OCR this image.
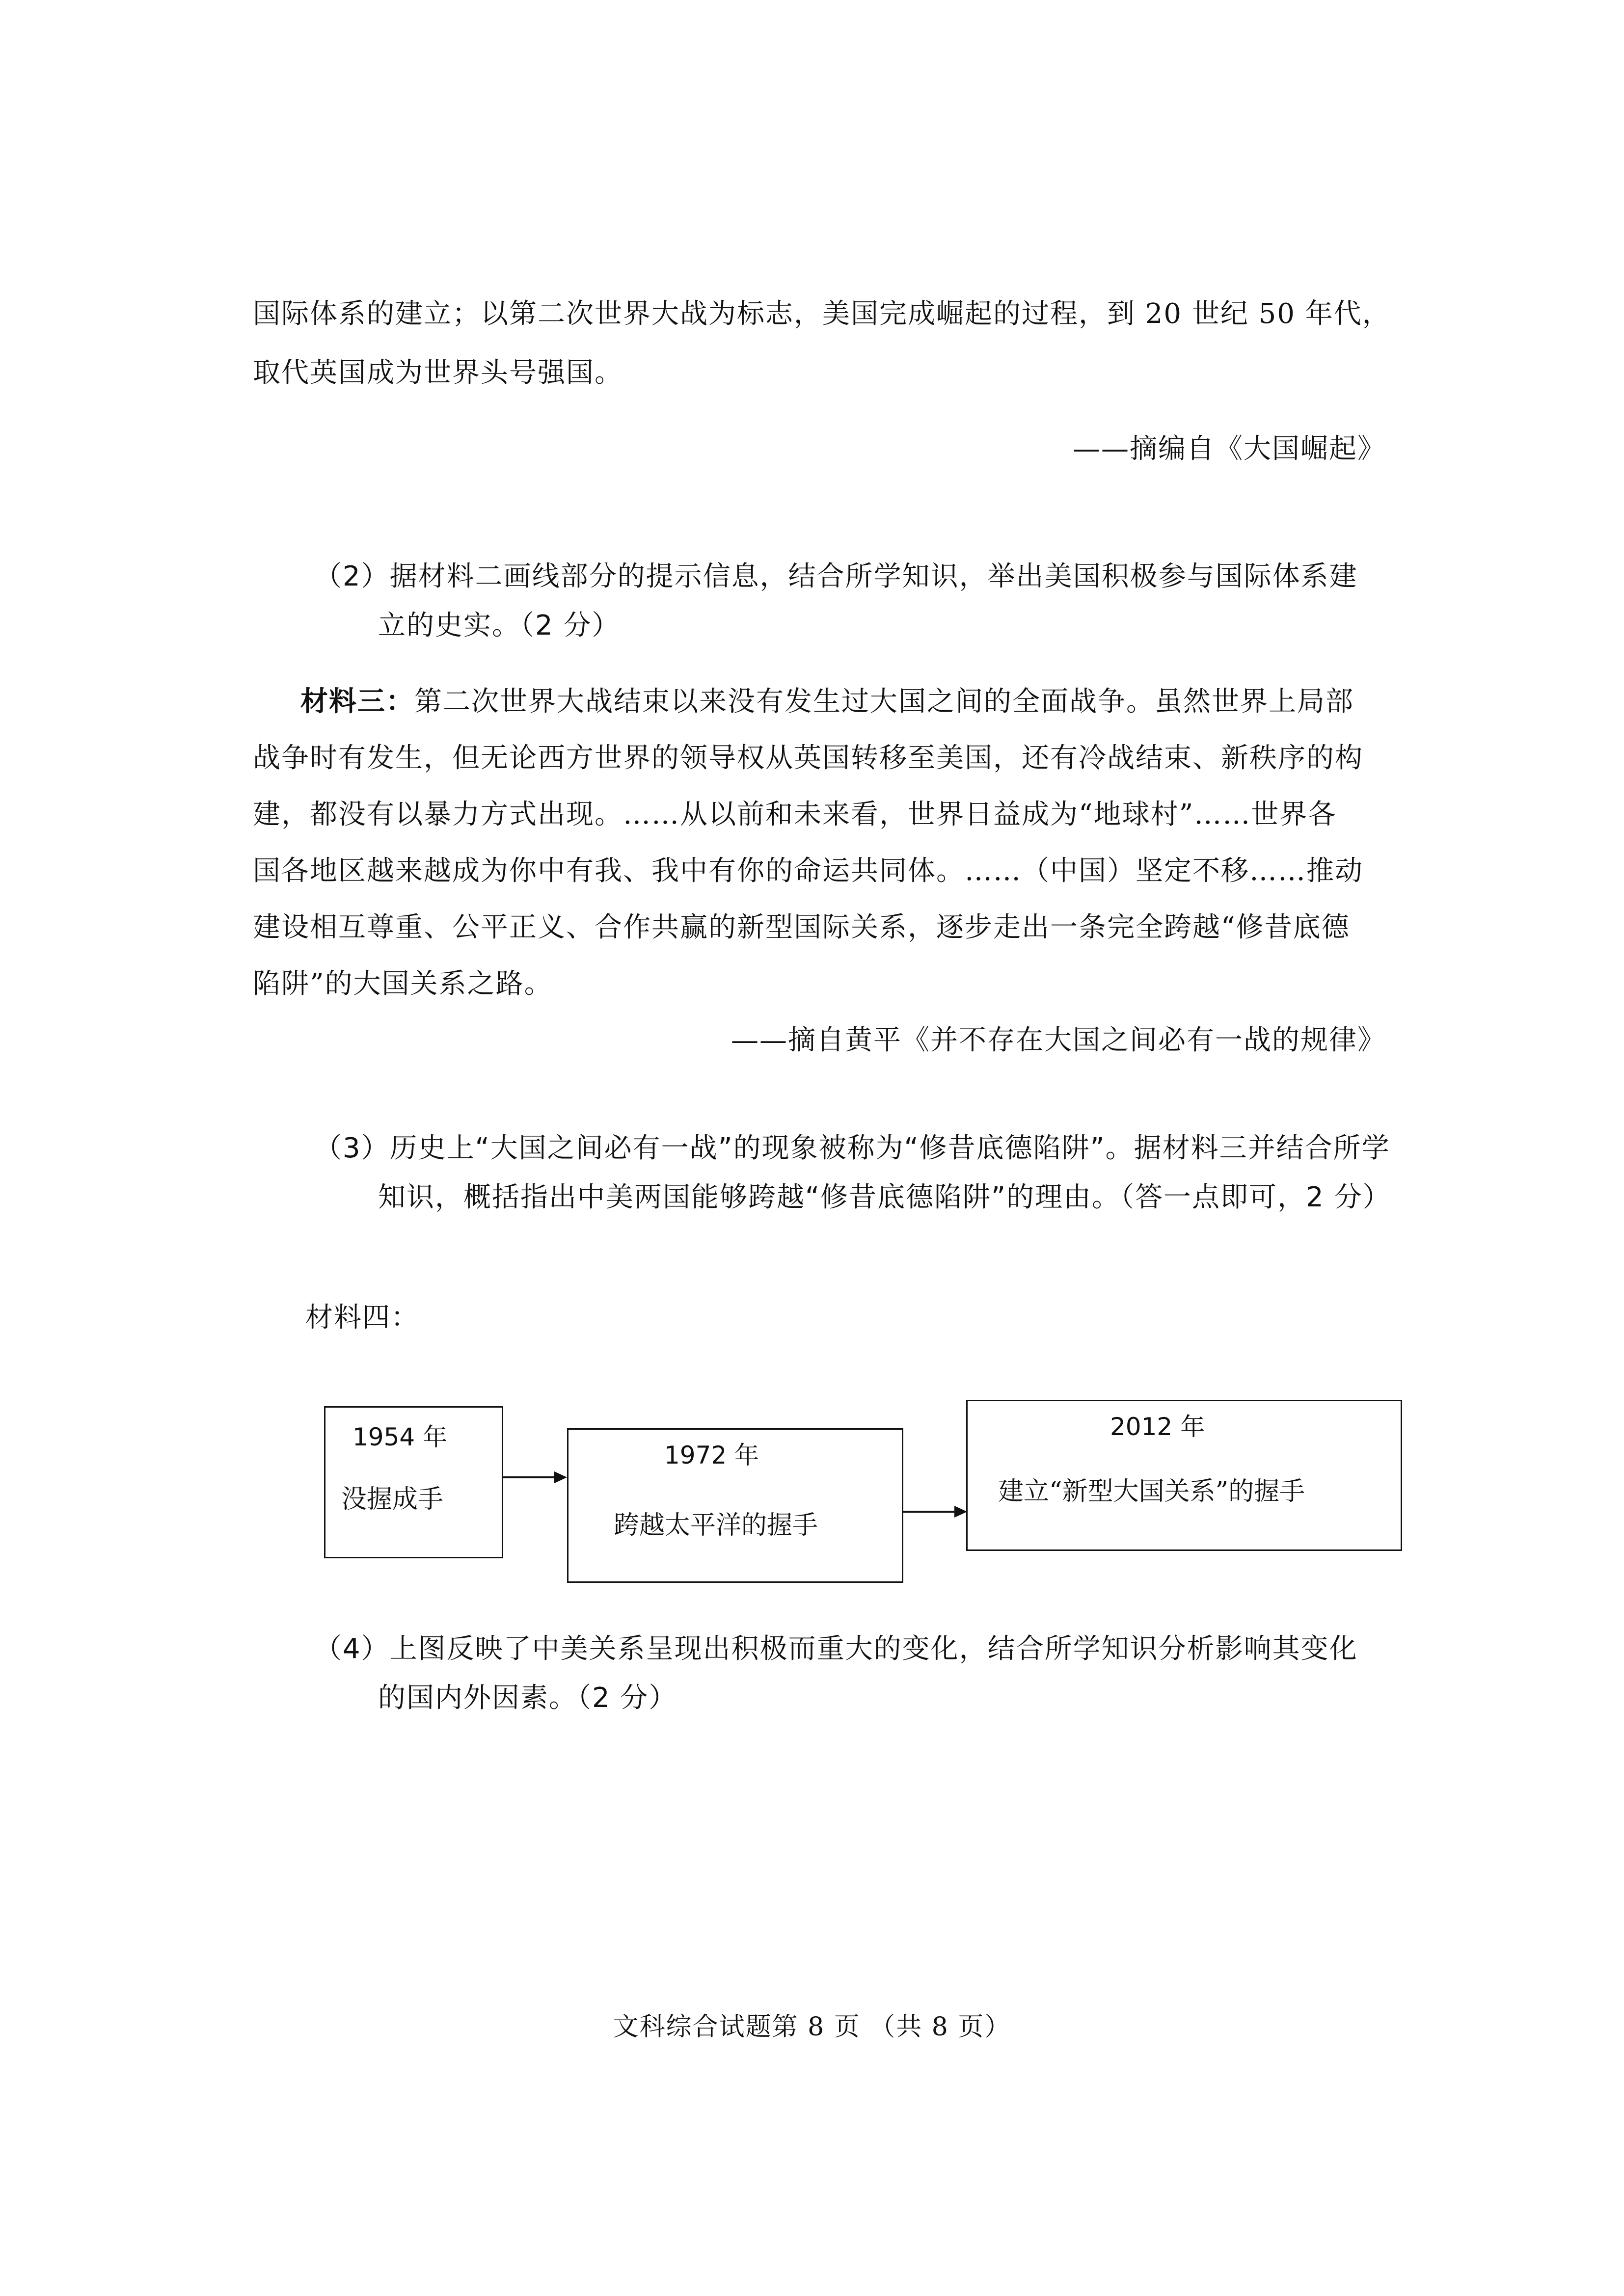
国际体系的建立；以第二次世界大战为标志，美国完成崛起的过程，到 20 世纪 50 年代，
取代英国成为世界头号强国。
——摘编自《大国崛起》
（2）据材料二画线部分的提示信息，结合所学知识，举出美国积极参与国际体系建
立的史实。（2 分）
材料三：第二次世界大战结束以来没有发生过大国之间的全面战争。虽然世界上局部
战争时有发生，但无论西方世界的领导权从英国转移至美国，还有冷战结束、新秩序的构
建，都没有以暴力方式出现。……从以前和未来看，世界日益成为“地球村”……世界各
国各地区越来越成为你中有我、我中有你的命运共同体。……（中国）坚定不移……推动
建设相互尊重、公平正义、合作共赢的新型国际关系，逐步走出一条完全跨越“修昔底德
陷阱”的大国关系之路。
——摘自黄平《并不存在大国之间必有一战的规律》
（3）历史上“大国之间必有一战”的现象被称为“修昔底德陷阱”。据材料三并结合所学
知识，概括指出中美两国能够跨越“修昔底德陷阱”的理由。（答一点即可，2 分）
材料四：
1954 年
没握成手
1972 年
跨越太平洋的握手
2012 年
建立“新型大国关系”的握手
（4）上图反映了中美关系呈现出积极而重大的变化，结合所学知识分析影响其变化
的国内外因素。（2 分）
文科综合试题第 8 页 （共 8 页）
